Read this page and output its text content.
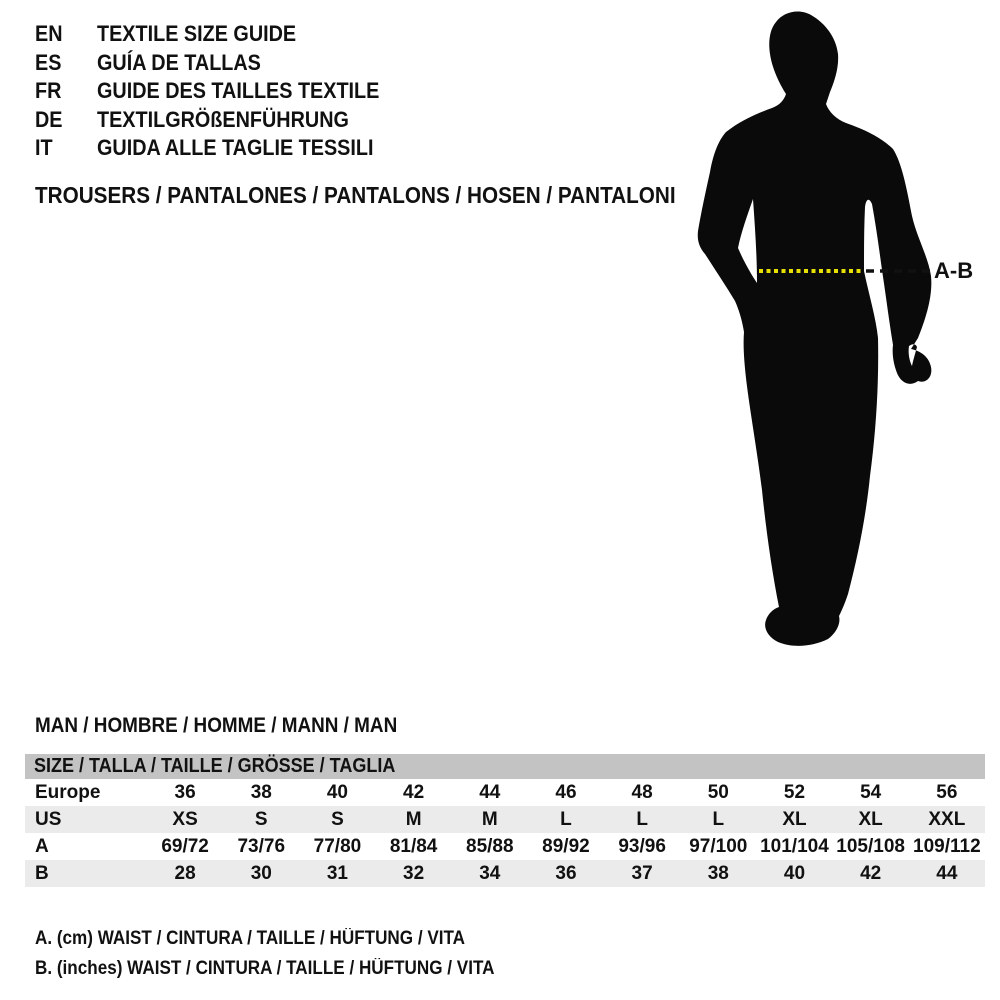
A-B
EN	TEXTILE SIZE GUIDE
ES	GUÍA DE TALLAS
FR	GUIDE DES TAILLES TEXTILE
DE	TEXTILGRÖßENFÜHRUNG
IT	GUIDA ALLE TAGLIE TESSILI
TROUSERS / PANTALONES / PANTALONS / HOSEN / PANTALONI
MAN / HOMBRE / HOMME / MANN / MAN
SIZE / TALLA / TAILLE / GRÖSSE / TAGLIA											
Europe	36	38	40	42	44	46	48	50	52	54	56
US	XS	S	S	M	M	L	L	L	XL	XL	XXL
A	69/72	73/76	77/80	81/84	85/88	89/92	93/96	97/100	101/104	105/108	109/112
B	28	30	31	32	34	36	37	38	40	42	44
A. (cm) WAIST / CINTURA / TAILLE / HÜFTUNG / VITA
B. (inches) WAIST / CINTURA / TAILLE / HÜFTUNG / VITA
